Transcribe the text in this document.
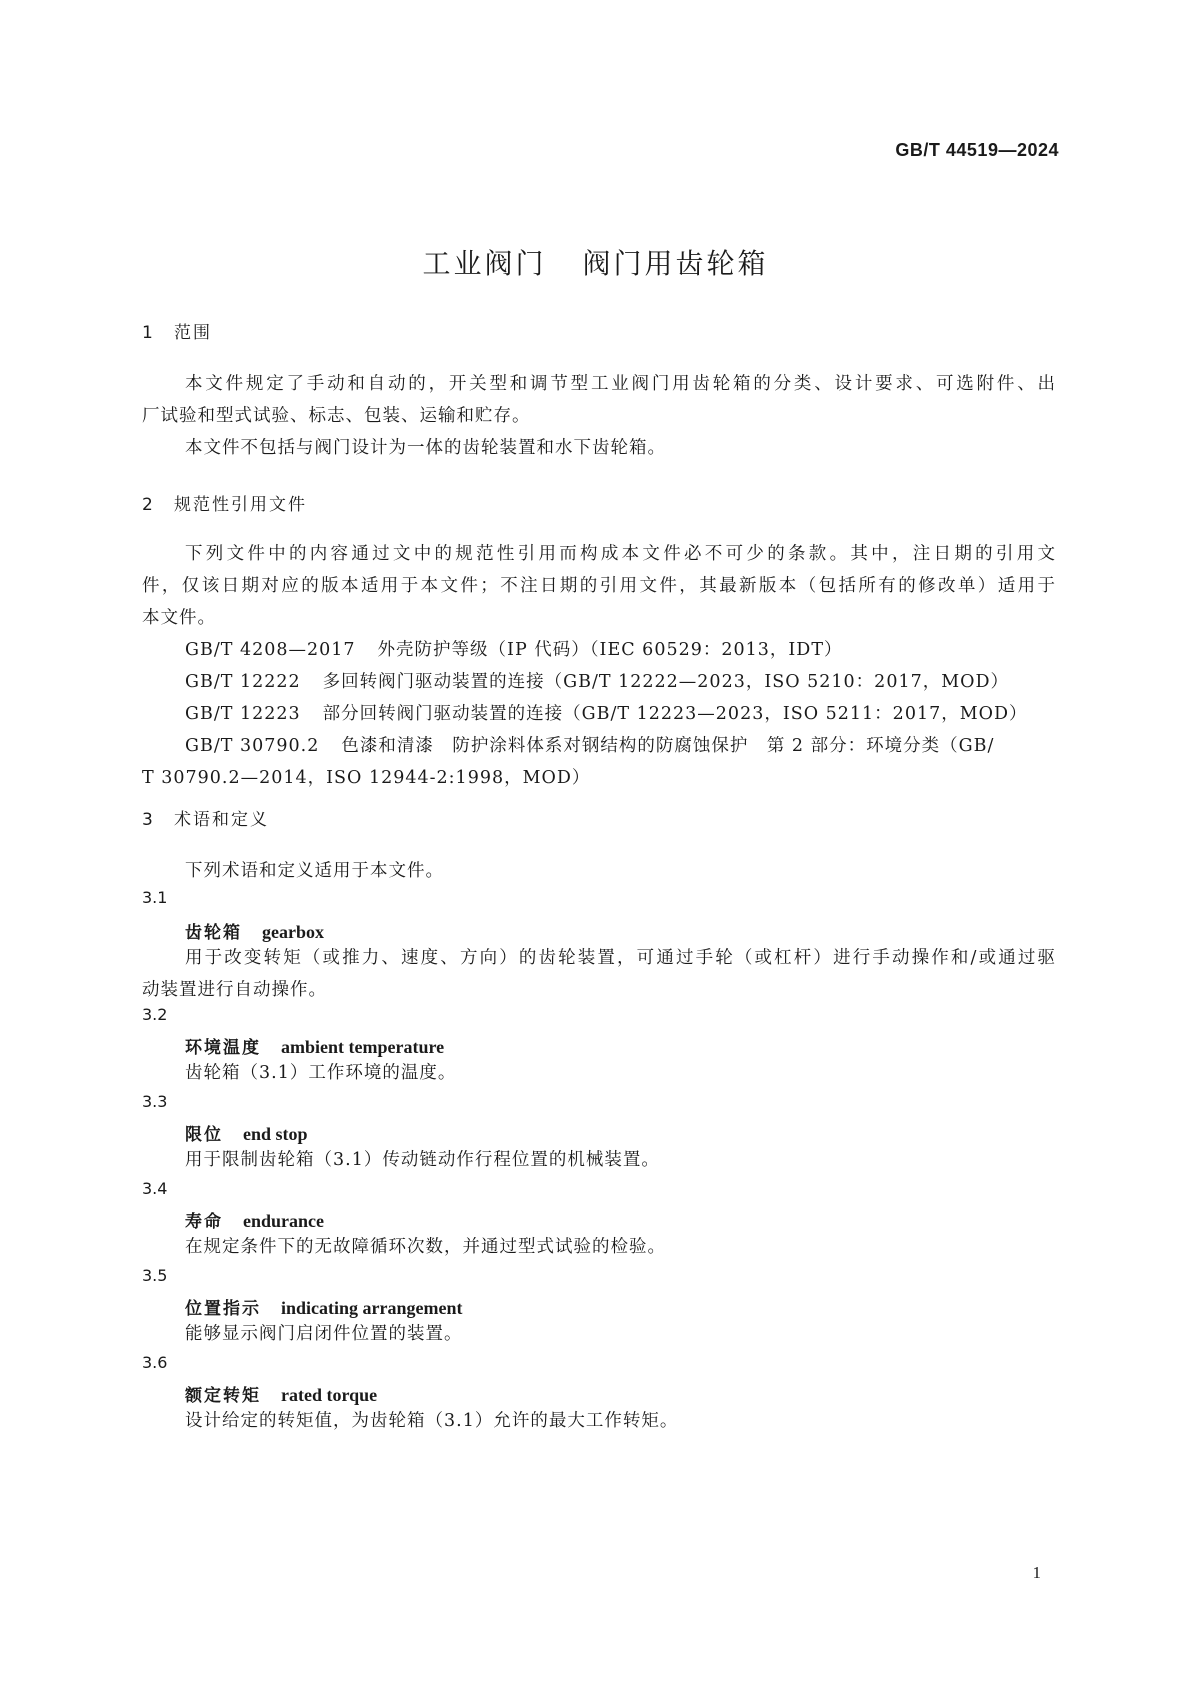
GB/T 44519—2024
工业阀门 阀门用齿轮箱
1 范围
本文件规定了手动和自动的，开关型和调节型工业阀门用齿轮箱的分类、设计要求、可选附件、出
厂试验和型式试验、标志、包装、运输和贮存。
本文件不包括与阀门设计为一体的齿轮装置和水下齿轮箱。
2 规范性引用文件
下列文件中的内容通过文中的规范性引用而构成本文件必不可少的条款。其中，注日期的引用文
件，仅该日期对应的版本适用于本文件；不注日期的引用文件，其最新版本（包括所有的修改单）适用于
本文件。
GB/T 4208—2017 外壳防护等级（IP 代码）（IEC 60529：2013，IDT）
GB/T 12222 多回转阀门驱动装置的连接（GB/T 12222—2023，ISO 5210：2017，MOD）
GB/T 12223 部分回转阀门驱动装置的连接（GB/T 12223—2023，ISO 5211：2017，MOD）
GB/T 30790.2 色漆和清漆　防护涂料体系对钢结构的防腐蚀保护　第 2 部分：环境分类（GB/
T 30790.2—2014，ISO 12944-2:1998，MOD）
3 术语和定义
下列术语和定义适用于本文件。
3.1
齿轮箱 gearbox
用于改变转矩（或推力、速度、方向）的齿轮装置，可通过手轮（或杠杆）进行手动操作和/或通过驱
动装置进行自动操作。
3.2
环境温度 ambient temperature
齿轮箱（3.1）工作环境的温度。
3.3
限位 end stop
用于限制齿轮箱（3.1）传动链动作行程位置的机械装置。
3.4
寿命 endurance
在规定条件下的无故障循环次数，并通过型式试验的检验。
3.5
位置指示 indicating arrangement
能够显示阀门启闭件位置的装置。
3.6
额定转矩 rated torque
设计给定的转矩值，为齿轮箱（3.1）允许的最大工作转矩。
1
